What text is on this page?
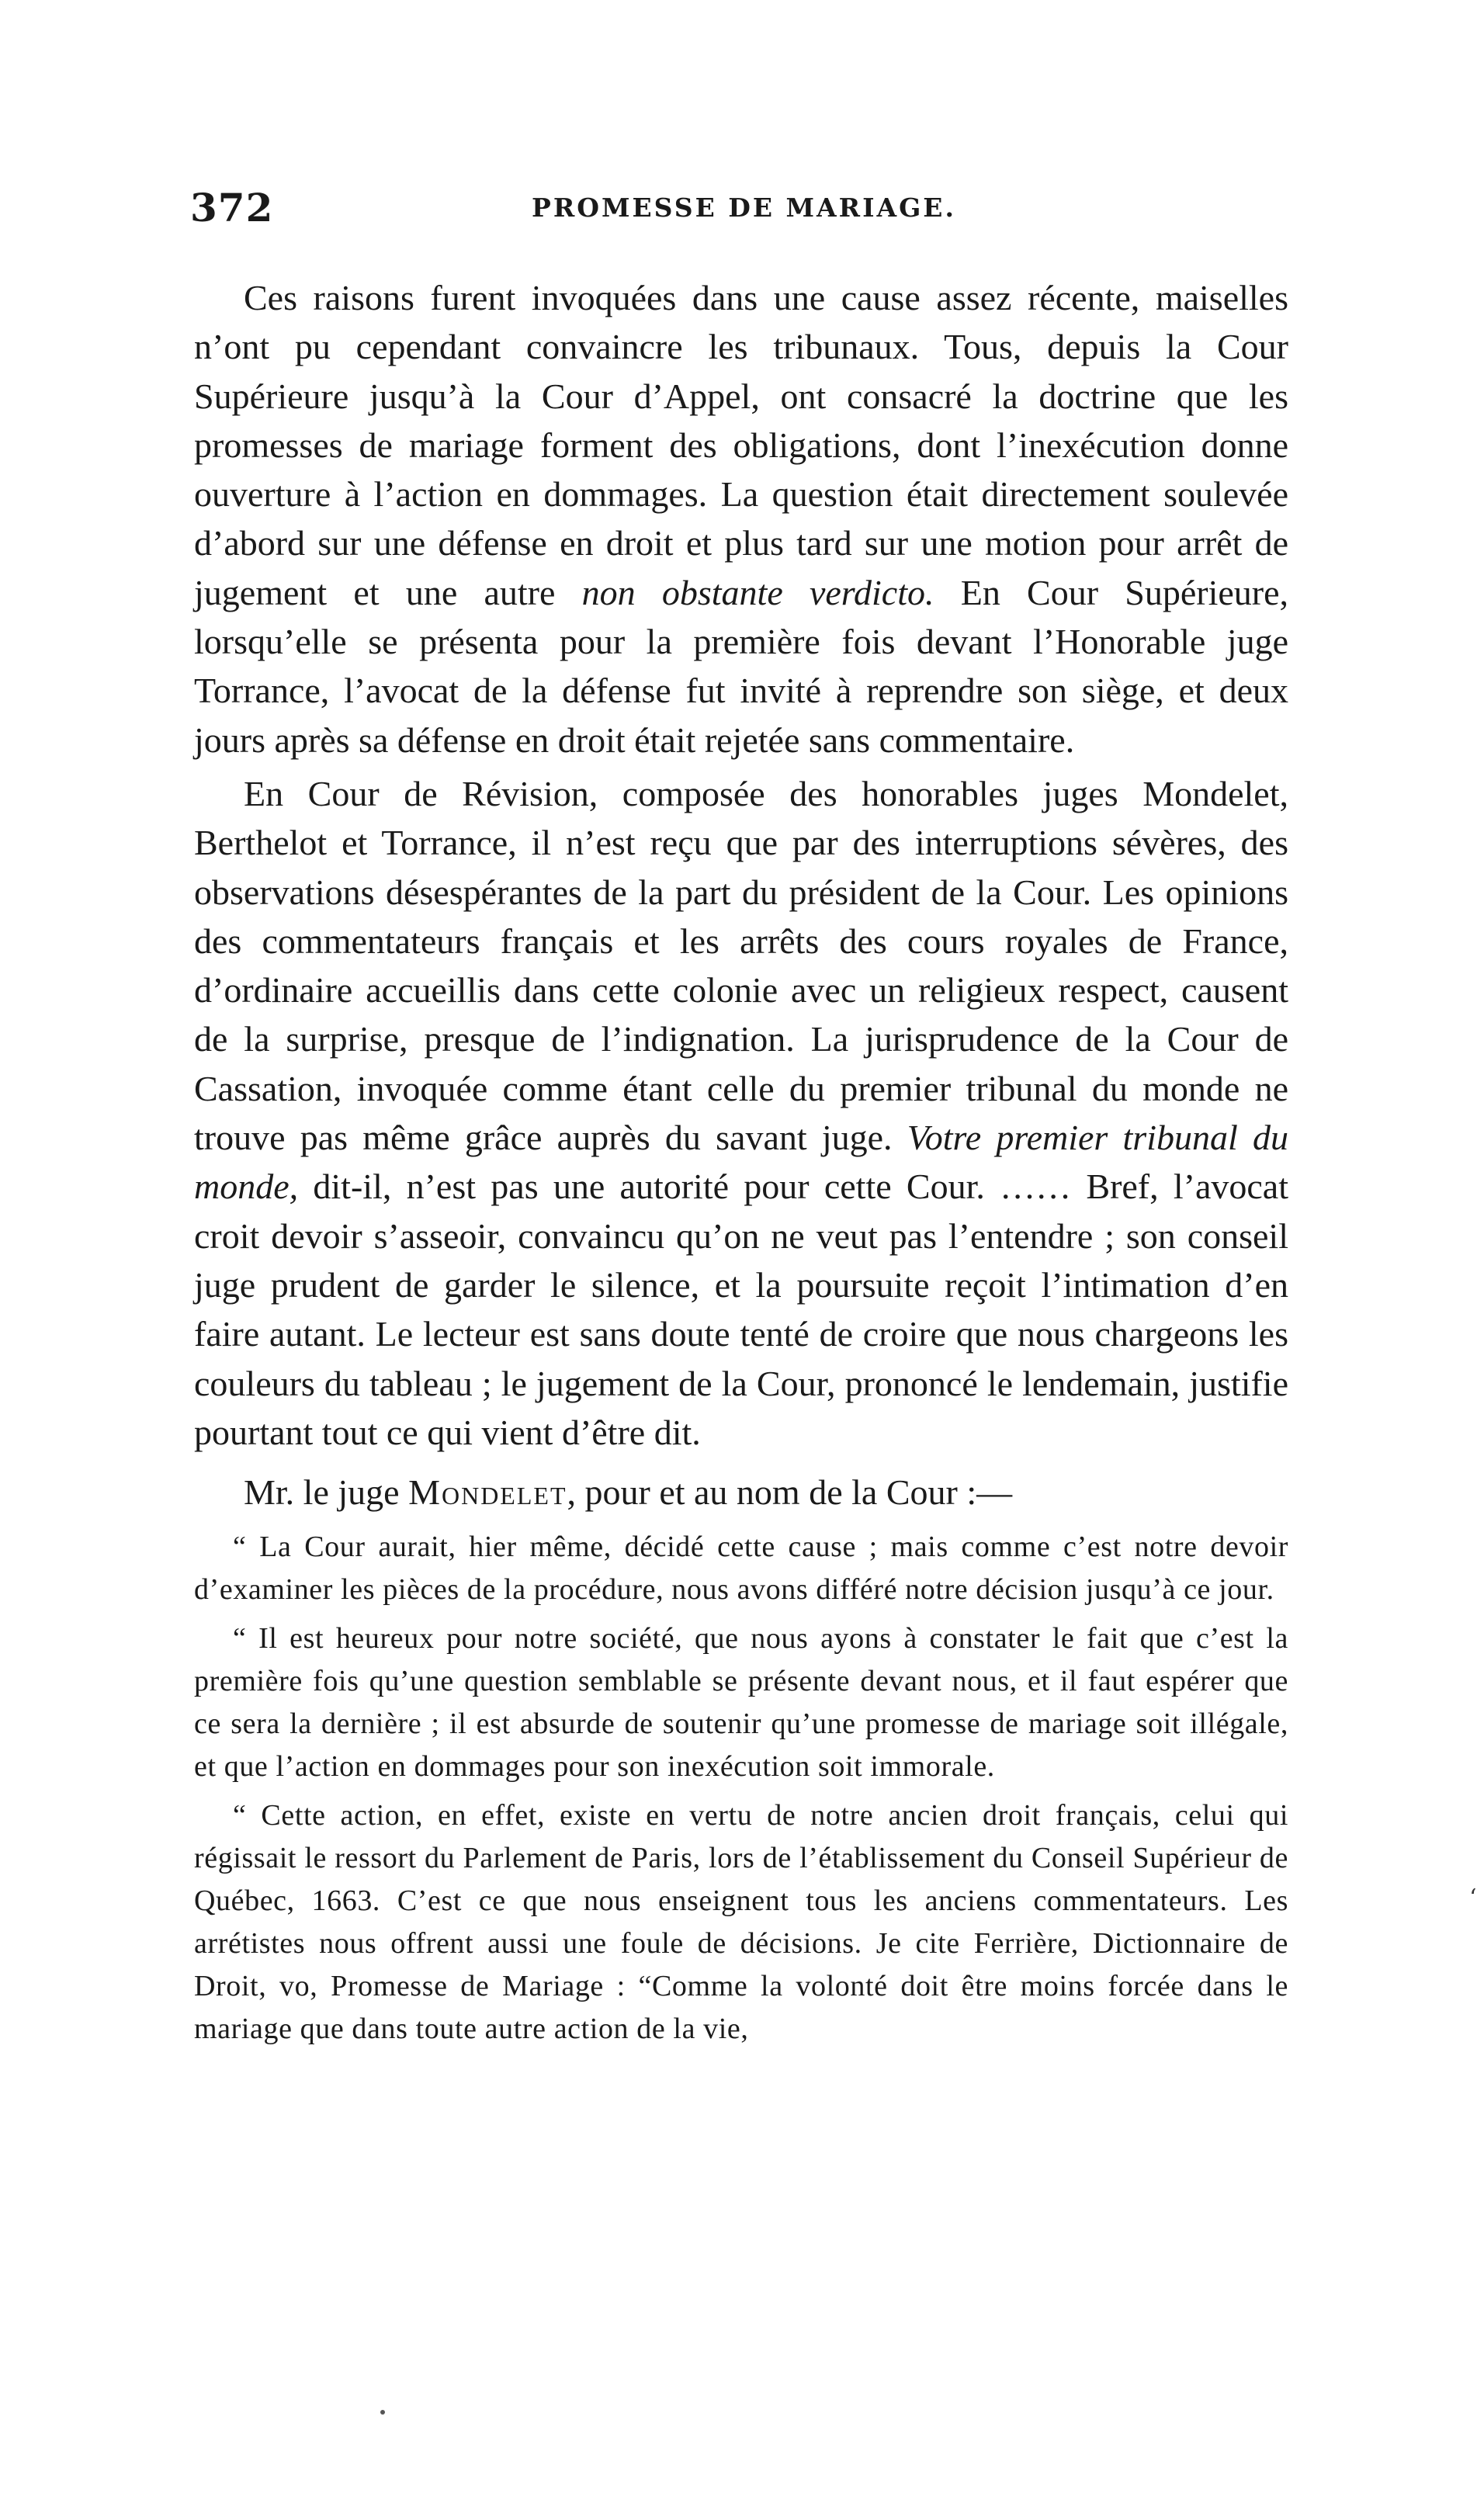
372	PROMESSE DE MARIAGE.

Ces raisons furent invoquées dans une cause assez récente, maiselles n’ont pu cependant convaincre les tribunaux. Tous, depuis la Cour Supérieure jusqu’à la Cour d’Appel, ont consacré la doctrine que les promesses de mariage forment des obligations, dont l’inexécution donne ouverture à l’action en dommages. La question était directement soulevée d’abord sur une défense en droit et plus tard sur une motion pour arrêt de jugement et une autre non obstante verdicto. En Cour Supérieure, lorsqu’elle se présenta pour la première fois devant l’Honorable juge Torrance, l’avocat de la défense fut invité à reprendre son siège, et deux jours après sa défense en droit était rejetée sans commentaire.

En Cour de Révision, composée des honorables juges Mondelet, Berthelot et Torrance, il n’est reçu que par des interruptions sévères, des observations désespérantes de la part du président de la Cour. Les opinions des commentateurs français et les arrêts des cours royales de France, d’ordinaire accueillis dans cette colonie avec un religieux respect, causent de la surprise, presque de l’indignation. La jurisprudence de la Cour de Cassation, invoquée comme étant celle du premier tribunal du monde ne trouve pas même grâce auprès du savant juge. Votre premier tribunal du monde, dit-il, n’est pas une autorité pour cette Cour. …… Bref, l’avocat croit devoir s’asseoir, convaincu qu’on ne veut pas l’entendre ; son conseil juge prudent de garder le silence, et la poursuite reçoit l’intimation d’en faire autant. Le lecteur est sans doute tenté de croire que nous chargeons les couleurs du tableau ; le jugement de la Cour, prononcé le lendemain, justifie pourtant tout ce qui vient d’être dit.

Mr. le juge Mondelet, pour et au nom de la Cour :—

“ La Cour aurait, hier même, décidé cette cause ; mais comme c’est notre devoir d’examiner les pièces de la procédure, nous avons différé notre décision jusqu’à ce jour.

“ Il est heureux pour notre société, que nous ayons à constater le fait que c’est la première fois qu’une question semblable se présente devant nous, et il faut espérer que ce sera la dernière ; il est absurde de soutenir qu’une promesse de mariage soit illégale, et que l’action en dommages pour son inexécution soit immorale.

“ Cette action, en effet, existe en vertu de notre ancien droit français, celui qui régissait le ressort du Parlement de Paris, lors de l’établissement du Conseil Supérieur de Québec, 1663. C’est ce que nous enseignent tous les anciens commentateurs. Les arrétistes nous offrent aussi une foule de décisions. Je cite Ferrière, Dictionnaire de Droit, vo, Promesse de Mariage : “Comme la volonté doit être moins forcée dans le mariage que dans toute autre action de la vie,

‘
